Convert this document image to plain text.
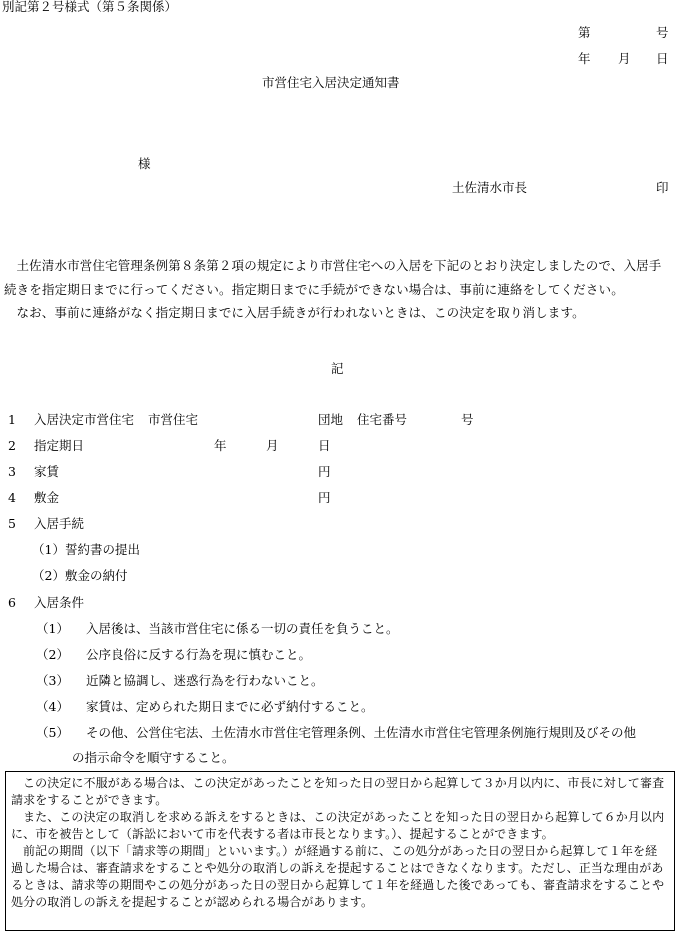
別記第２号様式（第５条関係）
第	号
年 月 日
市営住宅入居決定通知書
様
土佐清水市長	印

土佐清水市営住宅管理条例第８条第２項の規定により市営住宅への入居を下記のとおり決定しましたので、入居手続きを指定期日までに行ってください。指定期日までに手続ができない場合は、事前に連絡をしてください。

なお、事前に連絡がなく指定期日までに入居手続きが行われないときは、この決定を取り消します。

記
1 入居決定市営住宅 市営住宅	団地 住宅番号	号
2 指定期日	年	月	日
3 家賃	円
4 敷金	円
5 入居手続
（1）誓約書の提出
（2）敷金の納付
6 入居条件
（1） 入居後は、当該市営住宅に係る一切の責任を負うこと。
（2） 公序良俗に反する行為を現に慎むこと。
（3） 近隣と協調し、迷惑行為を行わないこと。
（4） 家賃は、定められた期日までに必ず納付すること。
（5） その他、公営住宅法、土佐清水市営住宅管理条例、土佐清水市営住宅管理条例施行規則及びその他
の指示命令を順守すること。

この決定に不服がある場合は、この決定があったことを知った日の翌日から起算して３か月以内に、市長に対して審査請求をすることができます。

また、この決定の取消しを求める訴えをするときは、この決定があったことを知った日の翌日から起算して６か月以内に、市を被告として（訴訟において市を代表する者は市長となります。）、提起することができます。

前記の期間（以下「請求等の期間」といいます。）が経過する前に、この処分があった日の翌日から起算して１年を経過した場合は、審査請求をすることや処分の取消しの訴えを提起することはできなくなります。ただし、正当な理由があるときは、請求等の期間やこの処分があった日の翌日から起算して１年を経過した後であっても、審査請求をすることや処分の取消しの訴えを提起することが認められる場合があります。
